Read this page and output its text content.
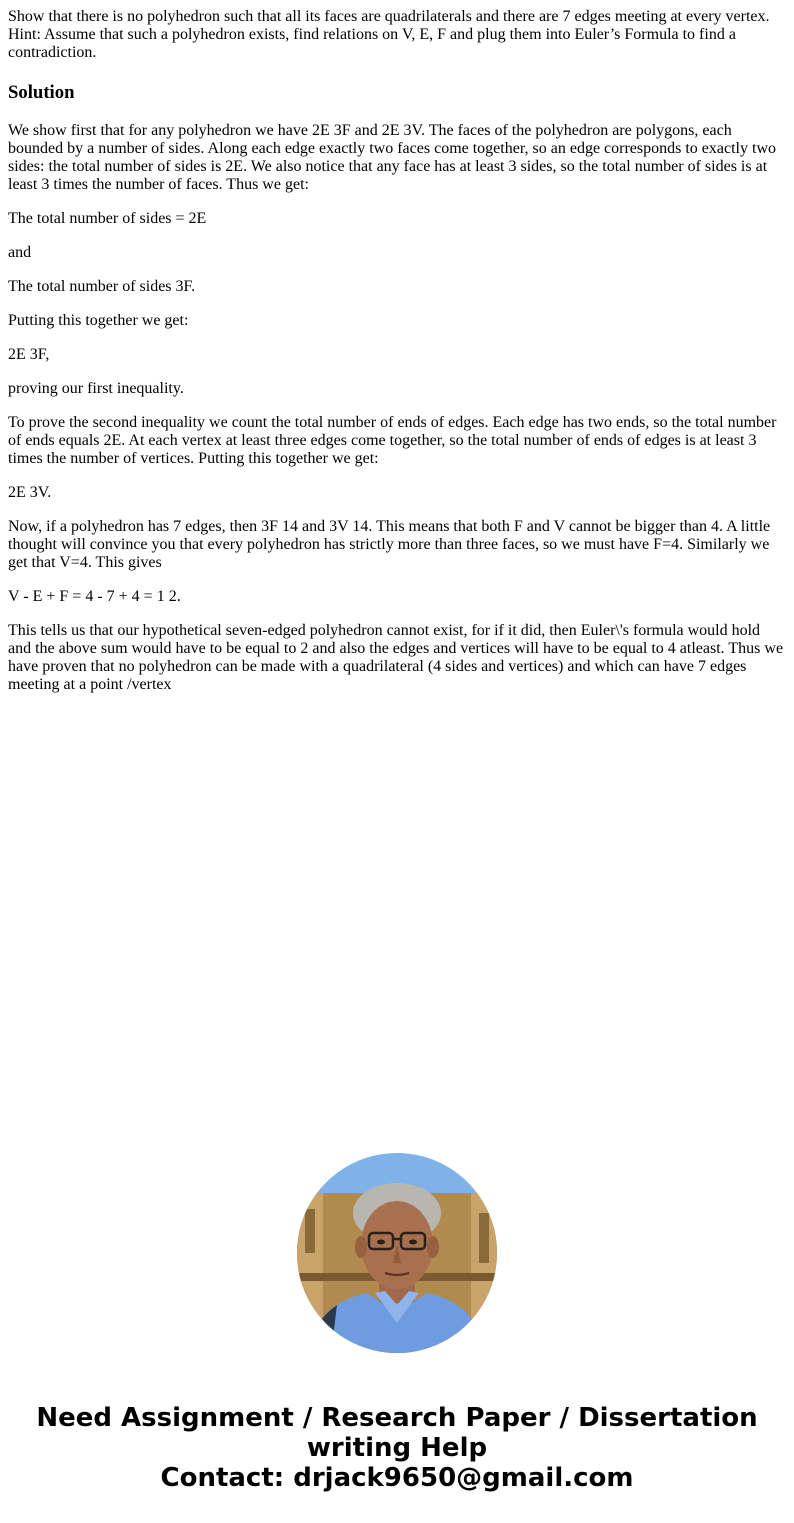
Show that there is no polyhedron such that all its faces are quadrilaterals and there are 7 edges meeting at every vertex. Hint: Assume that such a polyhedron exists, find relations on V, E, F and plug them into Euler’s Formula to find a contradiction.

Solution

We show first that for any polyhedron we have 2E 3F and 2E 3V. The faces of the polyhedron are polygons, each bounded by a number of sides. Along each edge exactly two faces come together, so an edge corresponds to exactly two sides: the total number of sides is 2E. We also notice that any face has at least 3 sides, so the total number of sides is at least 3 times the number of faces. Thus we get:

The total number of sides = 2E

and

The total number of sides 3F.

Putting this together we get:

2E 3F,

proving our first inequality.

To prove the second inequality we count the total number of ends of edges. Each edge has two ends, so the total number of ends equals 2E. At each vertex at least three edges come together, so the total number of ends of edges is at least 3 times the number of vertices. Putting this together we get:

2E 3V.

Now, if a polyhedron has 7 edges, then 3F 14 and 3V 14. This means that both F and V cannot be bigger than 4. A little thought will convince you that every polyhedron has strictly more than three faces, so we must have F=4. Similarly we get that V=4. This gives

V - E + F = 4 - 7 + 4 = 1 2.

This tells us that our hypothetical seven-edged polyhedron cannot exist, for if it did, then Euler\'s formula would hold and the above sum would have to be equal to 2 and also the edges and vertices will have to be equal to 4 atleast. Thus we have proven that no polyhedron can be made with a quadrilateral (4 sides and vertices) and which can have 7 edges meeting at a point /vertex

Need Assignment / Research Paper / Dissertation
writing Help
Contact: drjack9650@gmail.com
